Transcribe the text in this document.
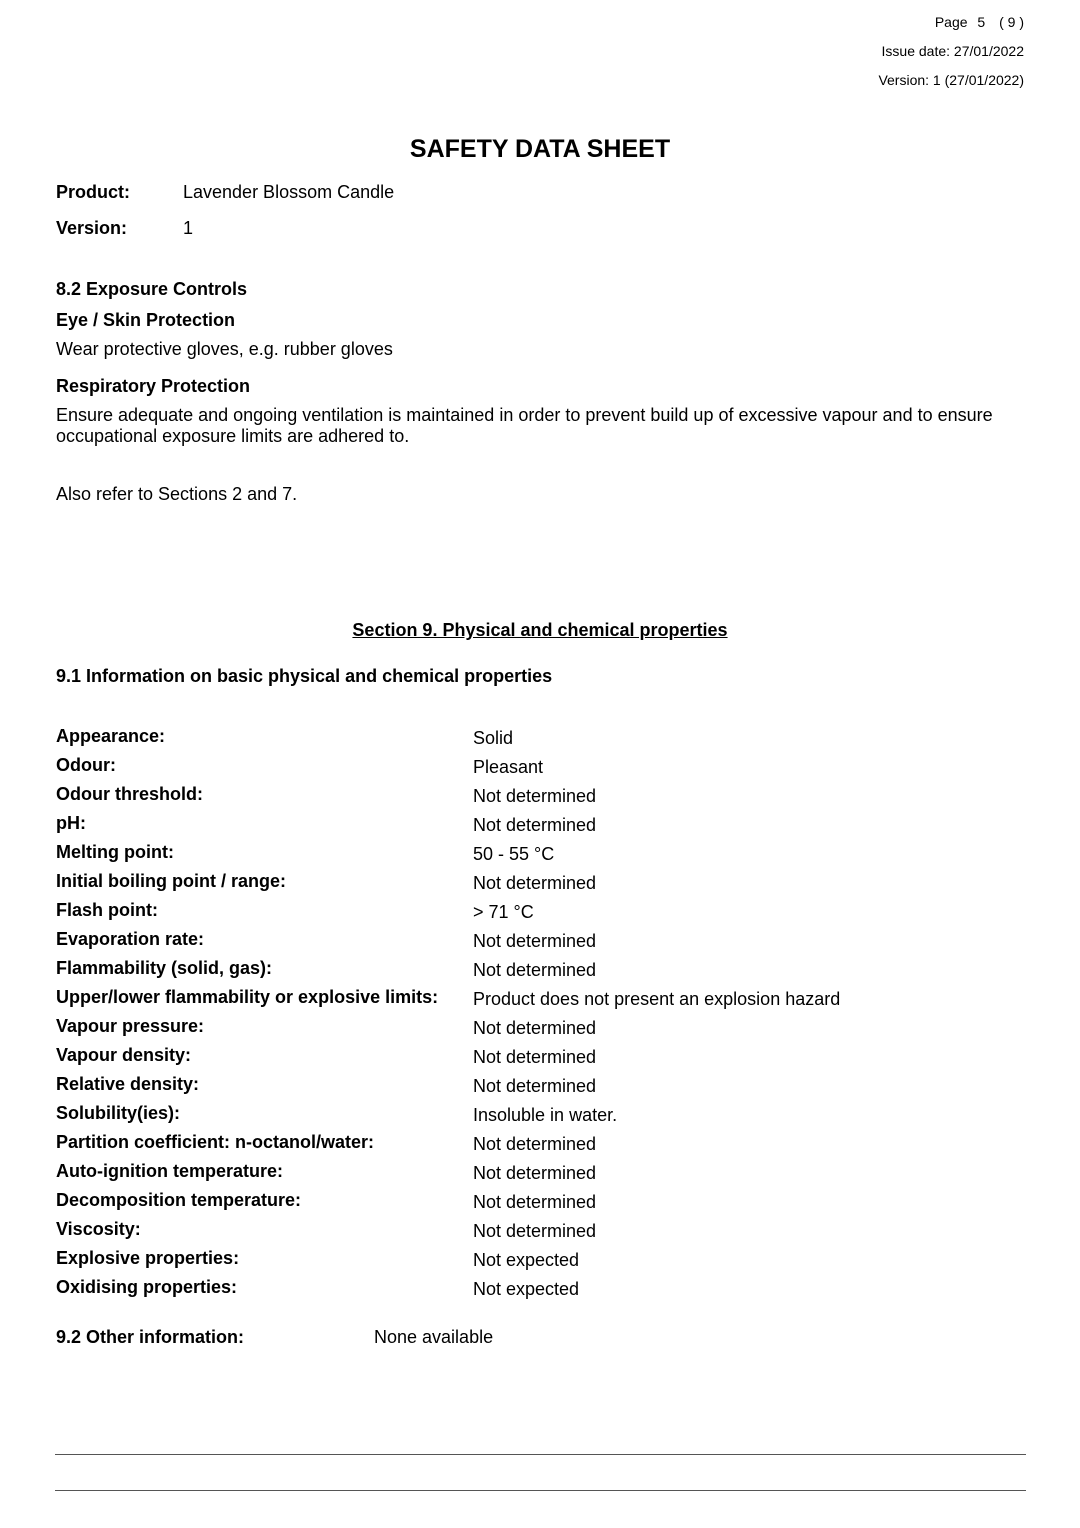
Page 5 ( 9 )
Issue date: 27/01/2022
Version: 1 (27/01/2022)
SAFETY DATA SHEET
Product:	Lavender Blossom Candle
Version:	1
8.2 Exposure Controls
Eye / Skin Protection
Wear protective gloves, e.g. rubber gloves
Respiratory Protection
Ensure adequate and ongoing ventilation is maintained in order to prevent build up of excessive vapour and to ensure occupational exposure limits are adhered to.
Also refer to Sections 2 and 7.
Section 9. Physical and chemical properties
9.1 Information on basic physical and chemical properties
Appearance:	Solid
Odour:	Pleasant
Odour threshold:	Not determined
pH:	Not determined
Melting point:	50 - 55 °C
Initial boiling point / range:	Not determined
Flash point:	> 71 °C
Evaporation rate:	Not determined
Flammability (solid, gas):	Not determined
Upper/lower flammability or explosive limits: Product does not present an explosion hazard
Vapour pressure:	Not determined
Vapour density:	Not determined
Relative density:	Not determined
Solubility(ies):	Insoluble in water.
Partition coefficient: n-octanol/water:	Not determined
Auto-ignition temperature:	Not determined
Decomposition temperature:	Not determined
Viscosity:	Not determined
Explosive properties:	Not expected
Oxidising properties:	Not expected
9.2 Other information:	None available
